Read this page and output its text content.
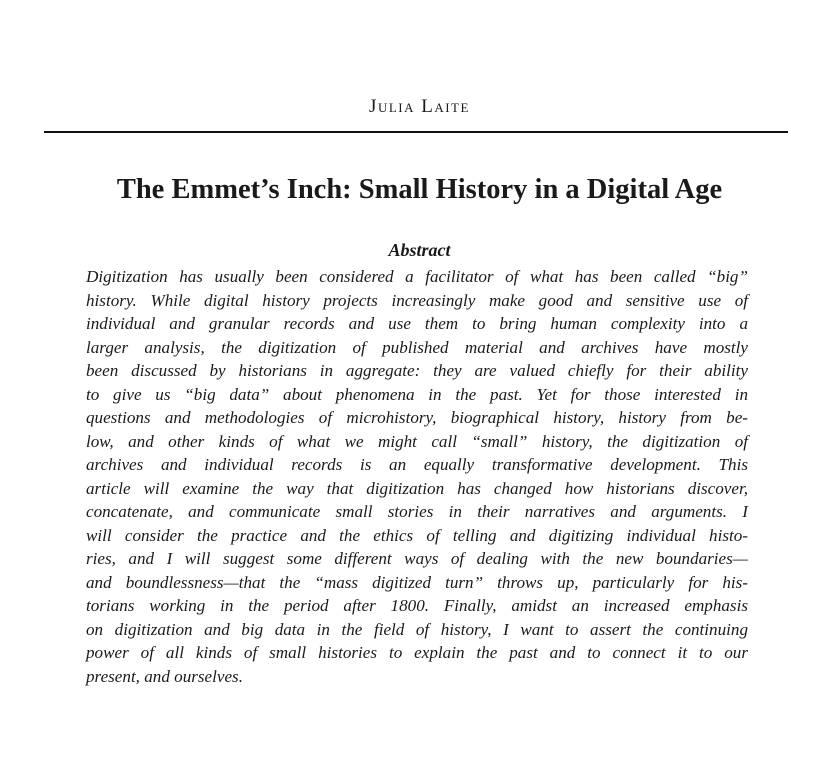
Julia Laite
The Emmet’s Inch: Small History in a Digital Age
Abstract
Digitization has usually been considered a facilitator of what has been called “big”
history. While digital history projects increasingly make good and sensitive use of
individual and granular records and use them to bring human complexity into a
larger analysis, the digitization of published material and archives have mostly
been discussed by historians in aggregate: they are valued chiefly for their ability
to give us “big data” about phenomena in the past. Yet for those interested in
questions and methodologies of microhistory, biographical history, history from be-
low, and other kinds of what we might call “small” history, the digitization of
archives and individual records is an equally transformative development. This
article will examine the way that digitization has changed how historians discover,
concatenate, and communicate small stories in their narratives and arguments. I
will consider the practice and the ethics of telling and digitizing individual histo-
ries, and I will suggest some different ways of dealing with the new boundaries—
and boundlessness—that the “mass digitized turn” throws up, particularly for his-
torians working in the period after 1800. Finally, amidst an increased emphasis
on digitization and big data in the field of history, I want to assert the continuing
power of all kinds of small histories to explain the past and to connect it to our
present, and ourselves.
